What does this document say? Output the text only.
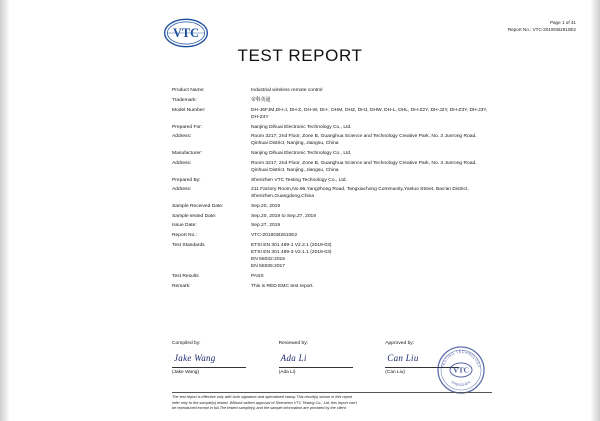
VTC
Page 1 of 41
Report No.: VTC-2019GB2610E2
TEST REPORT
Product Name:	Industrial wireless remote control
Trademark:	帝科英通
Model Number:	DH-J6FJM,DH-J, DH-Z, DH-W, DH-, DHM, DHZ, DHJ, DHW, DH-L, DHL, DH-Z2Y, DH-J2Y, DH-Z3Y, DH-J3Y, DH-Z4Y
Prepared For:	Nanjing Dihuai Electronic Technology Co., Ltd.
Address:	Room 3217, 2nd Floor, Zone B, Guanghua Science and Technology Creative Park, No. 3 Junrong Road, Qinhuai District, Nanjing, Jiangsu, China
Manufacturer:	Nanjing Dihuai Electronic Technology Co., Ltd.
Address:	Room 3217, 2nd Floor, Zone B, Guanghua Science and Technology Creative Park, No. 3 Junrong Road, Qinhuai District, Nanjing, Jiangsu, China
Prepared By:	Shenzhen VTC Testing Technology Co., Ltd.
Address:	211 Factory Room,No.96,Yangzhong Road, Tangxiachong Community,Yanluo Street, Bao'an District, Shenzhen,Guangdong,China
Sample Received Date:	Sep.20, 2019
Sample tested Date:	Sep.20, 2019 to Sep.27, 2019
Issue Date:	Sep.27, 2019
Report No.:	VTC-2019GB2610E2
Test Standards	ETSI EN 301 489-1 V2.2.1 (2019-03)
ETSI EN 301 489-3 V2.1.1 (2019-03)
EN 55032:2015
EN 55035:2017
Test Results	PASS
Remark:	This is RED EMC test report.
Compiled by:
Jake Wang
(Jake Wang)
Reviewed by:
Ada Li
(Ada Li)
Approved by:
Can Liu
(Can Liu)
TESTING TECHNOLOGY
SHENZHEN
VTC
The test report is effective only with both signature and specialized stamp.This result(s) shown in this report
refer only to the sample(s) tested. Without written approval of Shenzhen VTC Testing Co., Ltd, this report can't
be reproduced except in full.The tested sample(s) and the sample information are provided by the client.
